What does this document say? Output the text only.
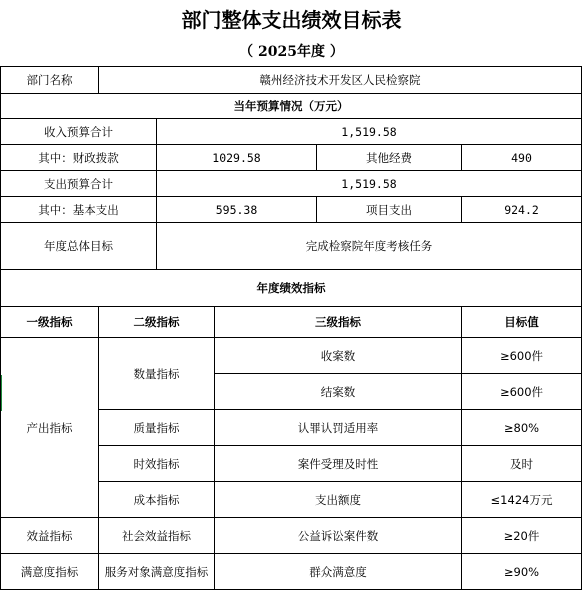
部门整体支出绩效目标表
（ 2025年度 ）
部门名称	赣州经济技术开发区人民检察院				
当年预算情况（万元）					
收入预算合计		1,519.58			
其中：财政拨款		1029.58		其他经费	490
支出预算合计		1,519.58			
其中：基本支出		595.38		项目支出	924.2
年度总体目标		完成检察院年度考核任务			
年度绩效指标					
一级指标	二级指标		三级指标		目标值
产出指标	数量指标		收案数		≥600件
			结案数		≥600件
	质量指标		认罪认罚适用率		≥80%
	时效指标		案件受理及时性		及时
	成本指标		支出额度		≤1424万元
效益指标	社会效益指标		公益诉讼案件数		≥20件
满意度指标	服务对象满意度指标		群众满意度		≥90%
